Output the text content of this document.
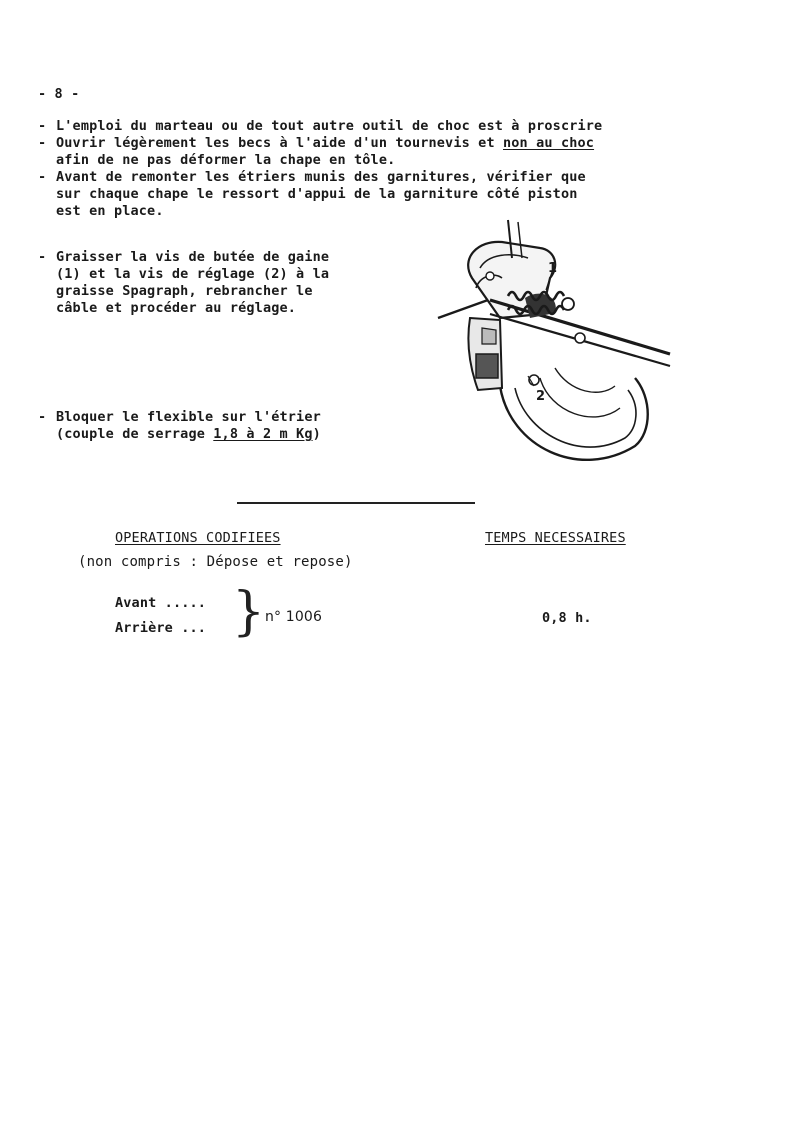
- 8 -
- L'emploi du marteau ou de tout autre outil de choc est à proscrire
- Ouvrir légèrement les becs à l'aide d'un tournevis et non au choc
afin de ne pas déformer la chape en tôle.
- Avant de remonter les étriers munis des garnitures, vérifier que
sur chaque chape le ressort d'appui de la garniture côté piston
est en place.
- Graisser la vis de butée de gaine
(1) et la vis de réglage (2) à la
graisse Spagraph, rebrancher le
câble et procéder au réglage.
- Bloquer le flexible sur l'étrier
(couple de serrage 1,8 à 2 m Kg)
1
2
OPERATIONS CODIFIEES	TEMPS NECESSAIRES
(non compris : Dépose et repose)
Avant .....
Arrière ... } n° 1006	0,8 h.
